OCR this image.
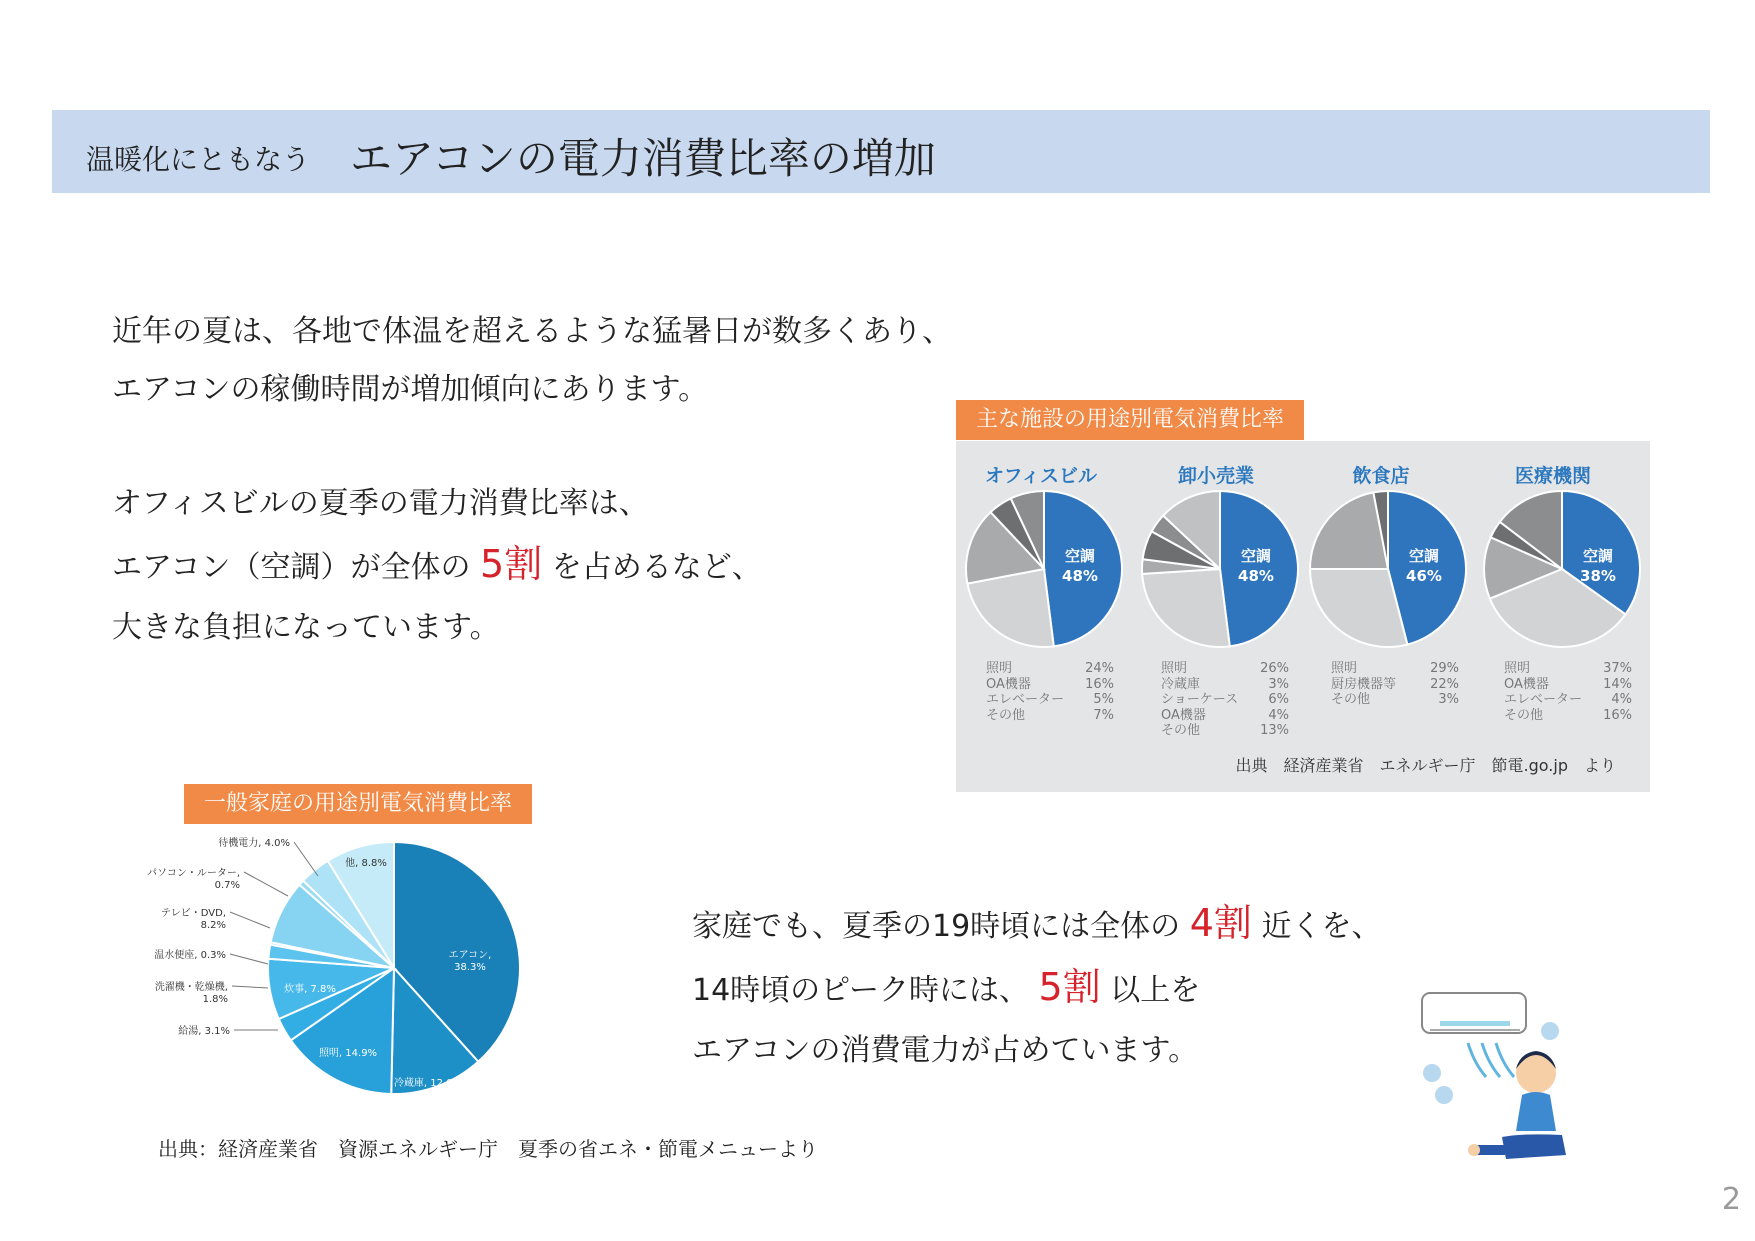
温暖化にともなう エアコンの電力消費比率の増加
近年の夏は、各地で体温を超えるような猛暑日が数多くあり、
エアコンの稼働時間が増加傾向にあります。
オフィスビルの夏季の電力消費比率は、
エアコン（空調）が全体の 5割 を占めるなど、
大きな負担になっています。
主な施設の用途別電気消費比率
オフィスビル	卸小売業	飲食店	医療機関
空調
48%
空調
48%
空調
46%
空調
38%
照明	24%
OA機器	16%
エレベーター	5%
その他	7%
照明	26%
冷蔵庫	3%
ショーケース	6%
OA機器	4%
その他	13%
照明	29%
厨房機器等	22%
その他	3%
照明	37%
OA機器	14%
エレベーター	4%
その他	16%
出典　経済産業省　エネルギー庁　節電.go.jp　より
一般家庭の用途別電気消費比率
エアコン, 38.3%
冷蔵庫, 12.0%
照明, 14.9%
給湯, 3.1%
炊事, 7.8%
洗濯機・乾燥機, 1.8%
温水便座, 0.3%
テレビ・DVD, 8.2%
パソコン・ルーター, 0.7%
待機電力, 4.0%
他, 8.8%
家庭でも、夏季の19時頃には全体の 4割 近くを、
14時頃のピーク時には、 5割 以上を
エアコンの消費電力が占めています。
出典：経済産業省　資源エネルギー庁　夏季の省エネ・節電メニューより
2
